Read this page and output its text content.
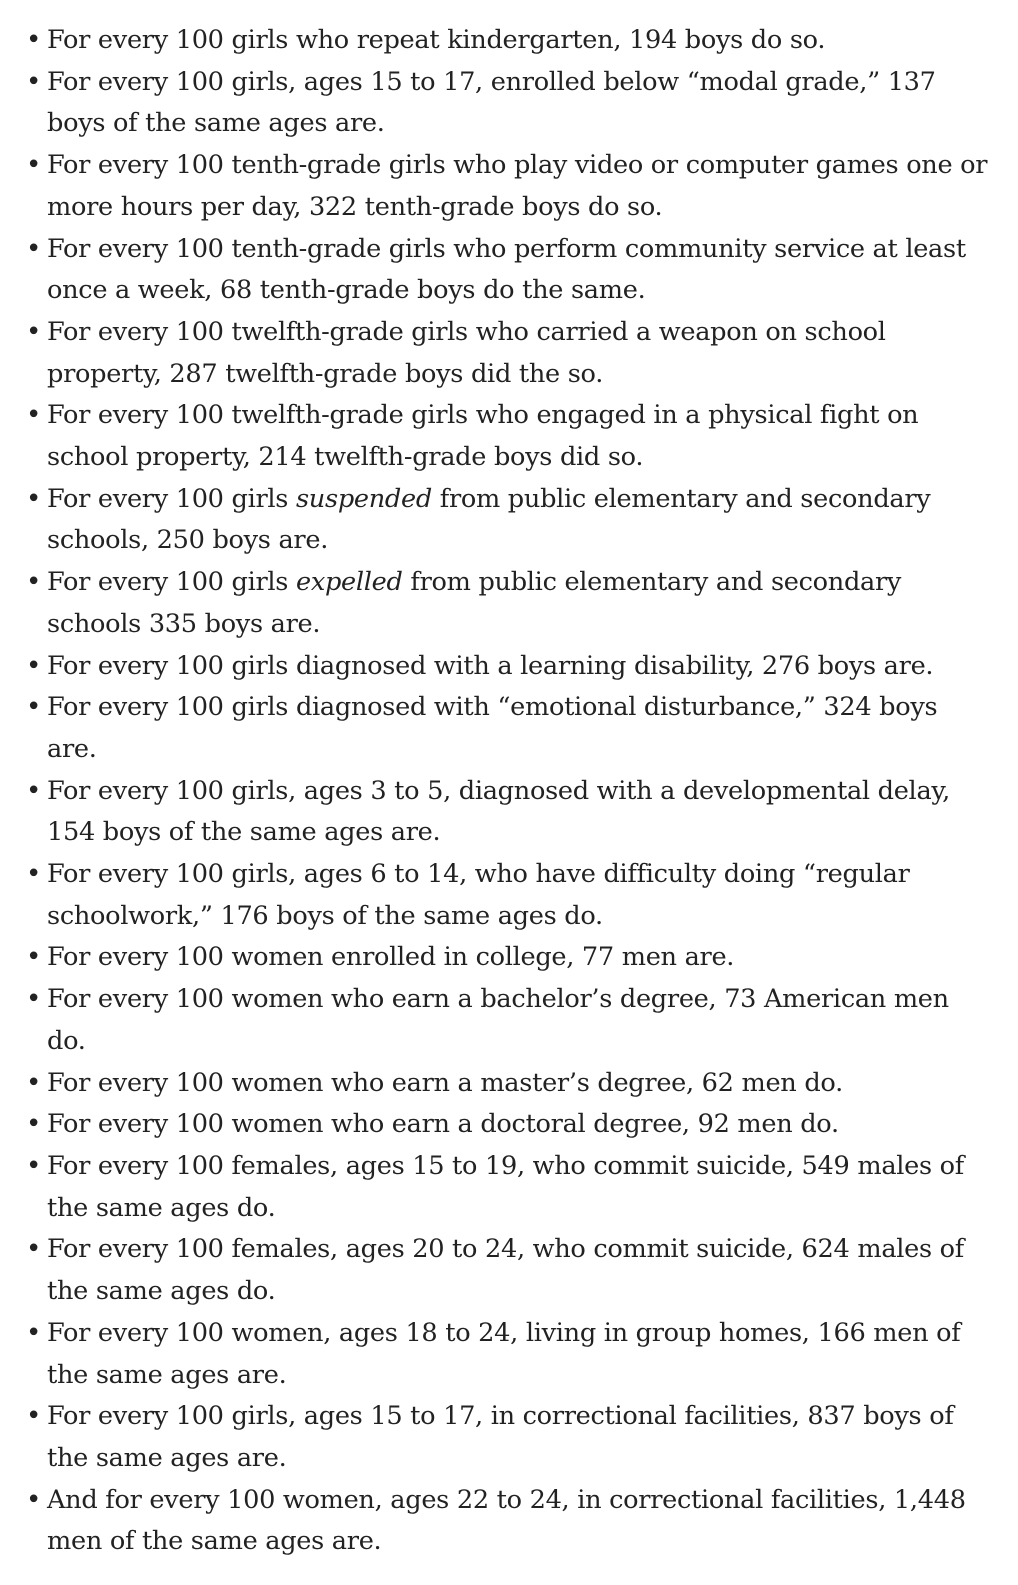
• For every 100 girls who repeat kindergarten, 194 boys do so.
• For every 100 girls, ages 15 to 17, enrolled below “modal grade,” 137 boys of the same ages are.
• For every 100 tenth-grade girls who play video or computer games one or more hours per day, 322 tenth-grade boys do so.
• For every 100 tenth-grade girls who perform community service at least once a week, 68 tenth-grade boys do the same.
• For every 100 twelfth-grade girls who carried a weapon on school property, 287 twelfth-grade boys did the so.
• For every 100 twelfth-grade girls who engaged in a physical fight on school property, 214 twelfth-grade boys did so.
• For every 100 girls suspended from public elementary and secondary schools, 250 boys are.
• For every 100 girls expelled from public elementary and secondary schools 335 boys are.
• For every 100 girls diagnosed with a learning disability, 276 boys are.
• For every 100 girls diagnosed with “emotional disturbance,” 324 boys are.
• For every 100 girls, ages 3 to 5, diagnosed with a developmental delay, 154 boys of the same ages are.
• For every 100 girls, ages 6 to 14, who have difficulty doing “regular schoolwork,” 176 boys of the same ages do.
• For every 100 women enrolled in college, 77 men are.
• For every 100 women who earn a bachelor’s degree, 73 American men do.
• For every 100 women who earn a master’s degree, 62 men do.
• For every 100 women who earn a doctoral degree, 92 men do.
• For every 100 females, ages 15 to 19, who commit suicide, 549 males of the same ages do.
• For every 100 females, ages 20 to 24, who commit suicide, 624 males of the same ages do.
• For every 100 women, ages 18 to 24, living in group homes, 166 men of the same ages are.
• For every 100 girls, ages 15 to 17, in correctional facilities, 837 boys of the same ages are.
• And for every 100 women, ages 22 to 24, in correctional facilities, 1,448 men of the same ages are.
